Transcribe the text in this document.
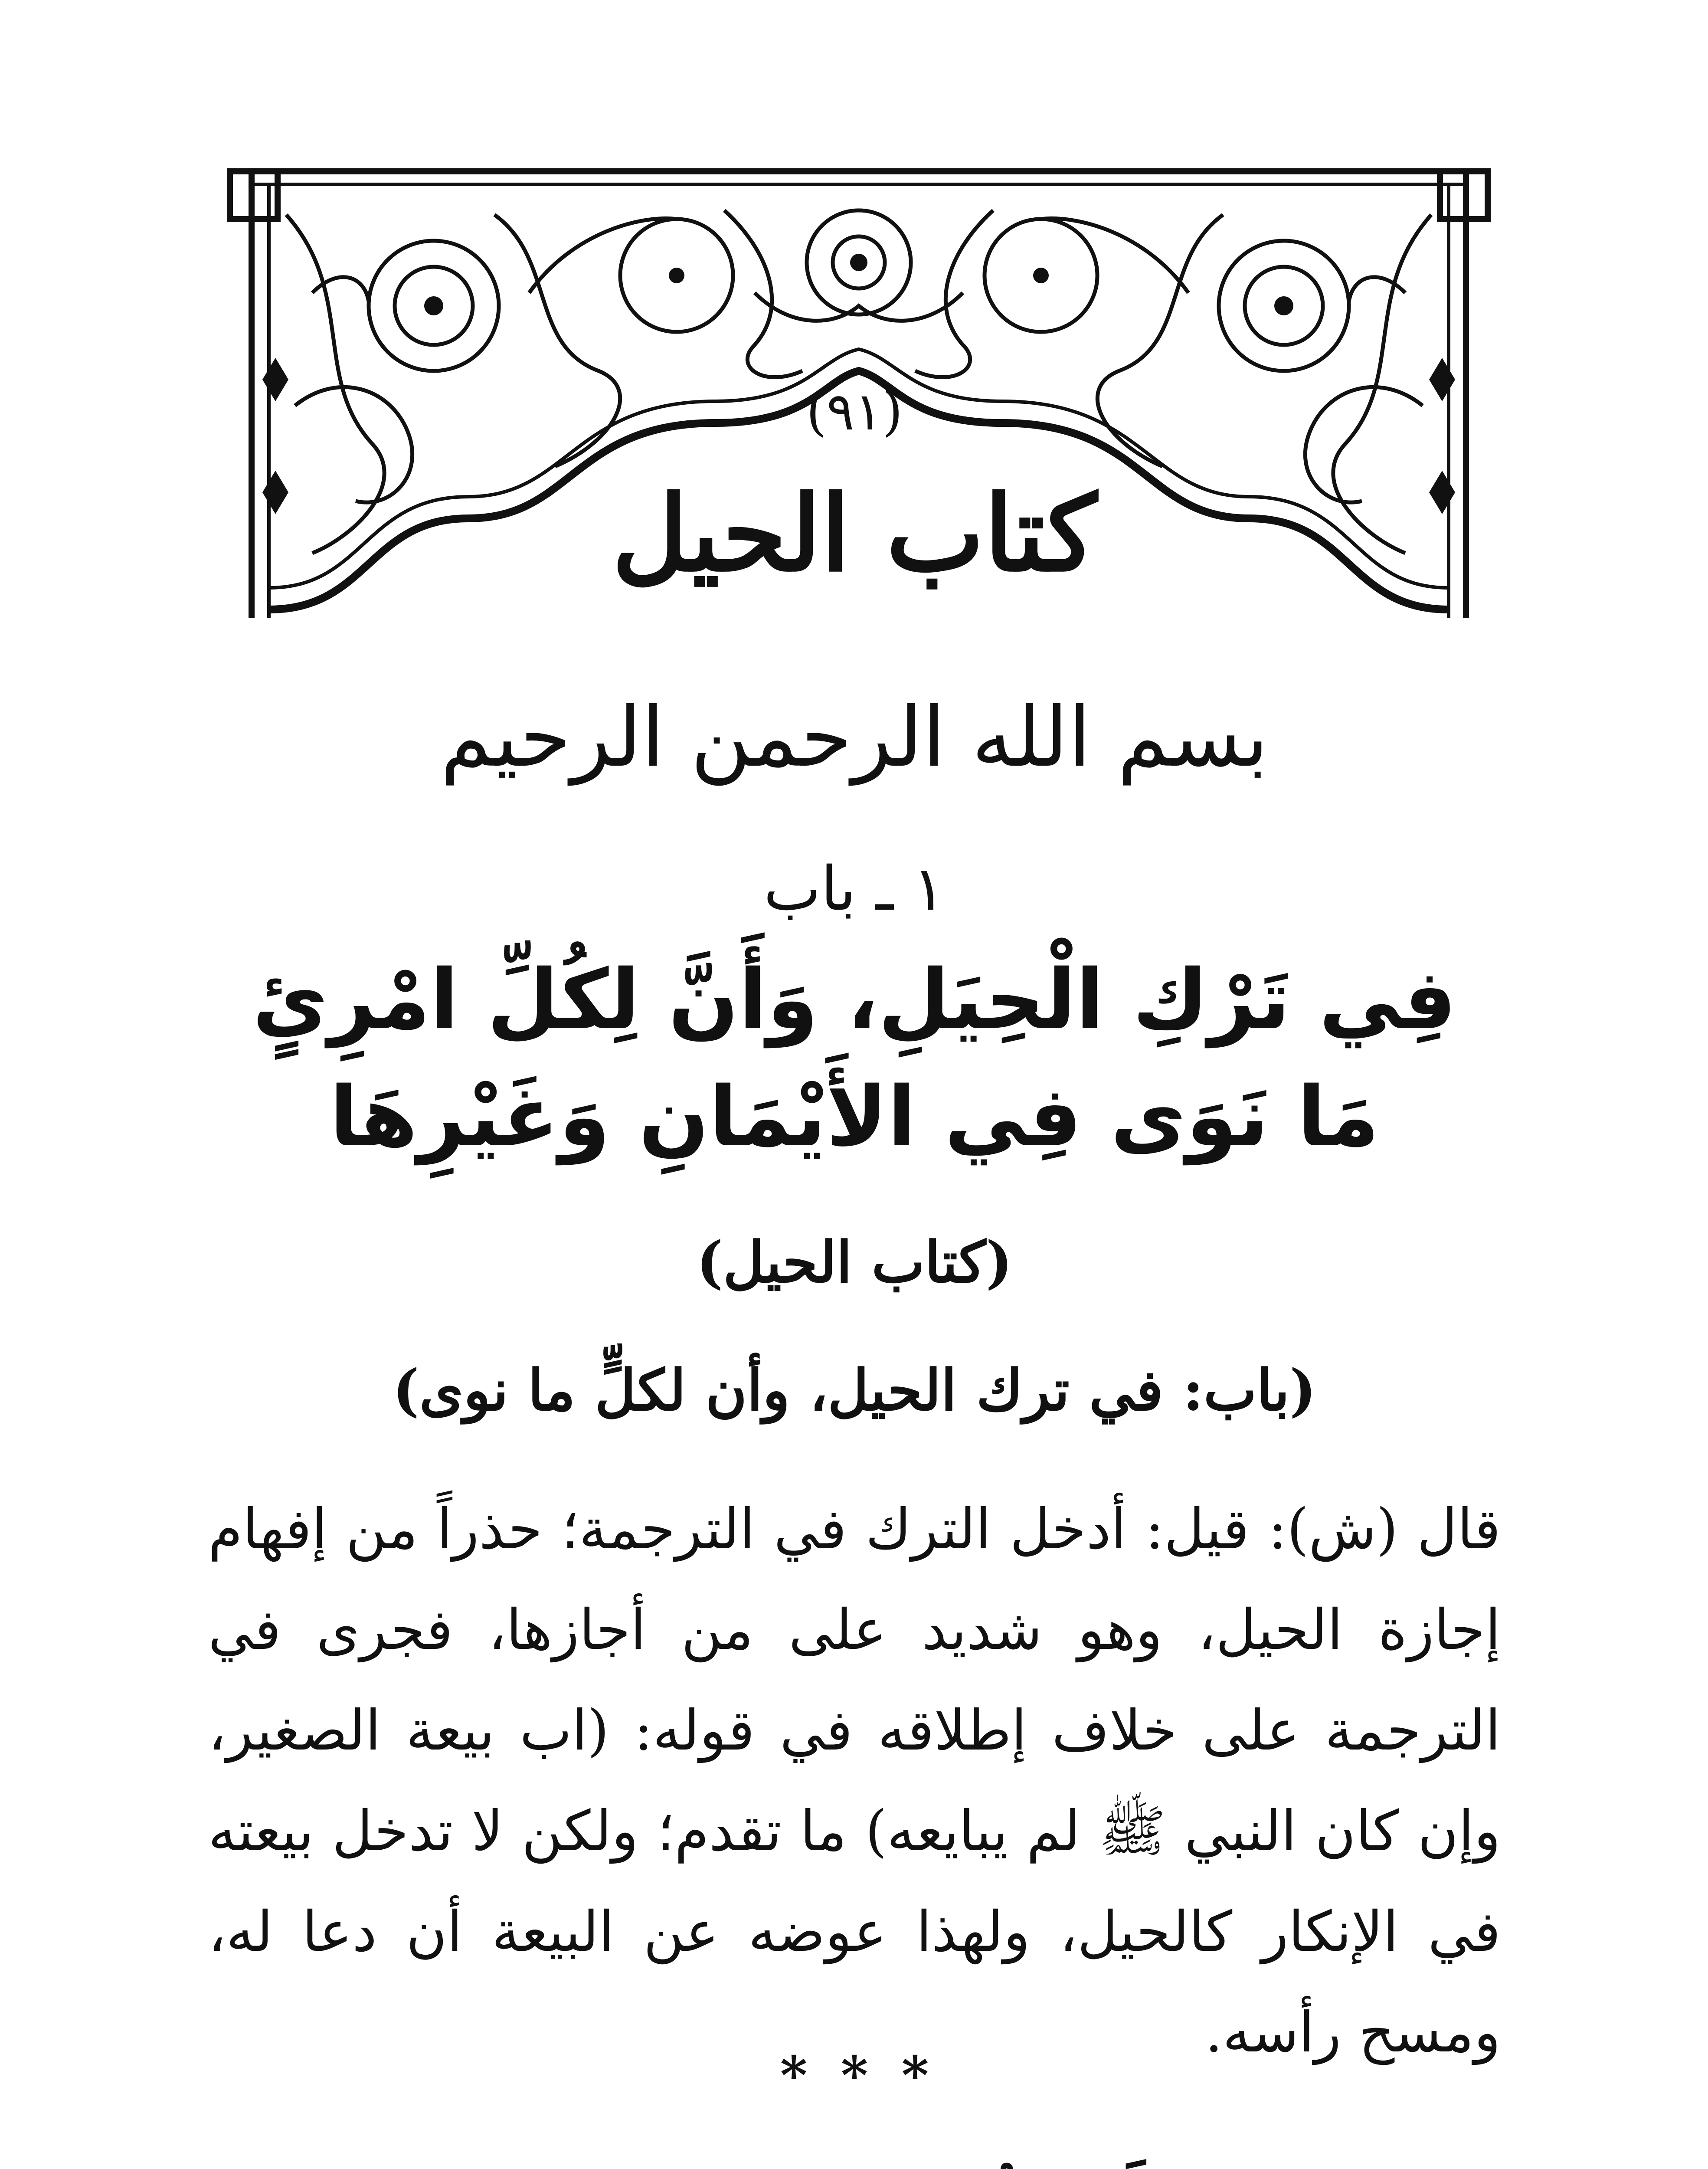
(٩١)
كتاب الحيل
بسم الله الرحمن الرحيم
١ ـ باب
فِي تَرْكِ الْحِيَلِ، وَأَنَّ لِكُلِّ امْرِئٍ مَا نَوَى فِي الأَيْمَانِ وَغَيْرِهَا
(كتاب الحيل)
(باب: في ترك الحيل، وأن لكلٍّ ما نوى)
قال (ش): قيل: أدخل الترك في الترجمة؛ حذراً من إفهام إجازة الحيل، وهو شديد على من أجازها، فجرى في الترجمة على خلاف إطلاقه في قوله: (اب بيعة الصغير، وإن كان النبي ﷺ لم يبايعه) ما تقدم؛ ولكن لا تدخل بيعته في الإنكار كالحيل، ولهذا عوضه عن البيعة أن دعا له، ومسح رأسه.
* * *
